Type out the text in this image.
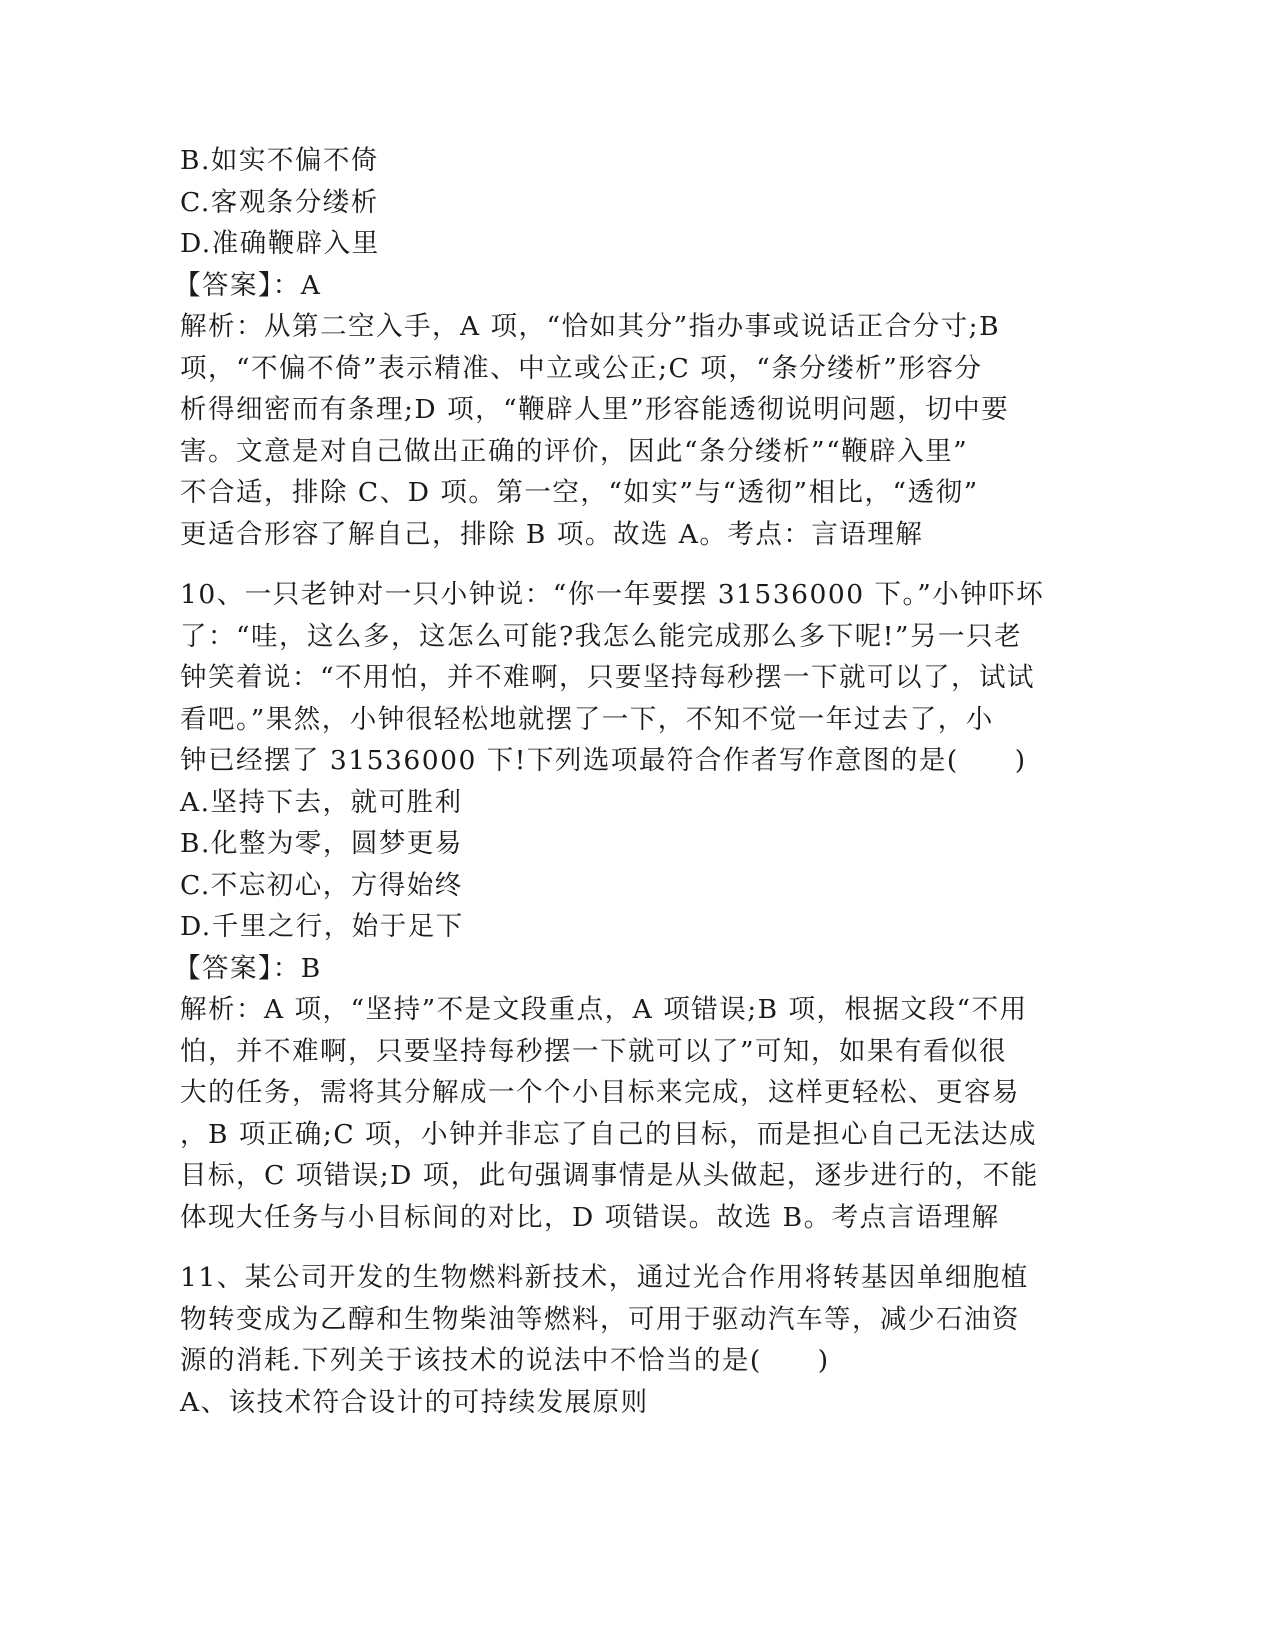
B.如实不偏不倚
C.客观条分缕析
D.准确鞭辟入里
【答案】：A
解析：从第二空入手，A 项，“恰如其分”指办事或说话正合分寸;B
项，“不偏不倚”表示精准、中立或公正;C 项，“条分缕析”形容分
析得细密而有条理;D 项，“鞭辟人里”形容能透彻说明问题，切中要
害。文意是对自己做出正确的评价，因此“条分缕析”“鞭辟入里”
不合适，排除 C、D 项。第一空，“如实”与“透彻”相比，“透彻”
更适合形容了解自己，排除 B 项。故选 A。考点：言语理解
10、一只老钟对一只小钟说：“你一年要摆 31536000 下。”小钟吓坏
了：“哇，这么多，这怎么可能?我怎么能完成那么多下呢!”另一只老
钟笑着说：“不用怕，并不难啊，只要坚持每秒摆一下就可以了，试试
看吧。”果然，小钟很轻松地就摆了一下，不知不觉一年过去了，小
钟已经摆了 31536000 下!下列选项最符合作者写作意图的是(　　)
A.坚持下去，就可胜利
B.化整为零，圆梦更易
C.不忘初心，方得始终
D.千里之行，始于足下
【答案】：B
解析：A 项，“坚持”不是文段重点，A 项错误;B 项，根据文段“不用
怕，并不难啊，只要坚持每秒摆一下就可以了”可知，如果有看似很
大的任务，需将其分解成一个个小目标来完成，这样更轻松、更容易
，B 项正确;C 项，小钟并非忘了自己的目标，而是担心自己无法达成
目标，C 项错误;D 项，此句强调事情是从头做起，逐步进行的，不能
体现大任务与小目标间的对比，D 项错误。故选 B。考点言语理解
11、某公司开发的生物燃料新技术，通过光合作用将转基因单细胞植
物转变成为乙醇和生物柴油等燃料，可用于驱动汽车等，减少石油资
源的消耗.下列关于该技术的说法中不恰当的是(　　)
A、该技术符合设计的可持续发展原则
